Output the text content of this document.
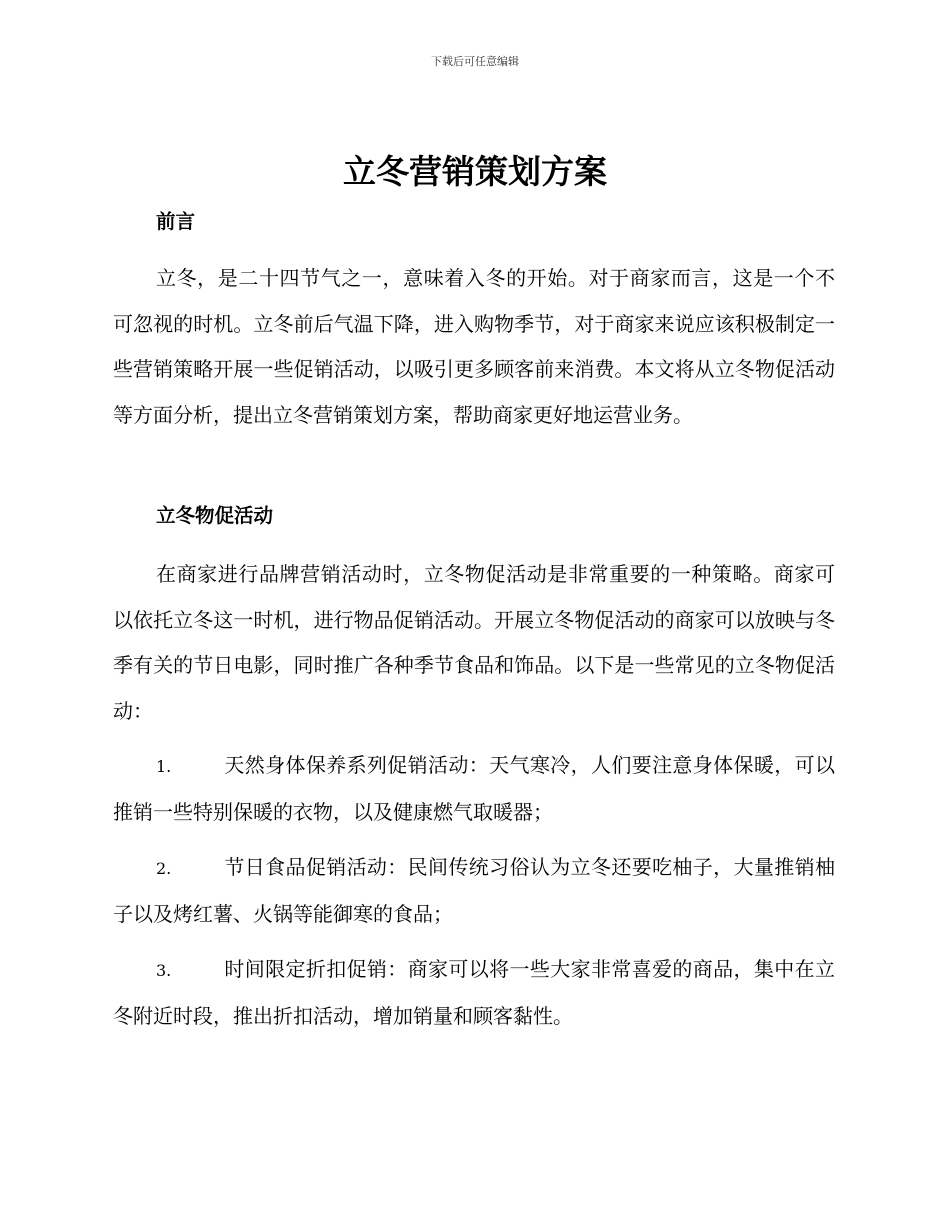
下载后可任意编辑
立冬营销策划方案
前言

立冬，是二十四节气之一，意味着入冬的开始。对于商家而言，这是一个不可忽视的时机。立冬前后气温下降，进入购物季节，对于商家来说应该积极制定一些营销策略开展一些促销活动，以吸引更多顾客前来消费。本文将从立冬物促活动等方面分析，提出立冬营销策划方案，帮助商家更好地运营业务。

立冬物促活动

在商家进行品牌营销活动时，立冬物促活动是非常重要的一种策略。商家可以依托立冬这一时机，进行物品促销活动。开展立冬物促活动的商家可以放映与冬季有关的节日电影，同时推广各种季节食品和饰品。以下是一些常见的立冬物促活动：

1.	天然身体保养系列促销活动：天气寒冷，人们要注意身体保暖，可以推销一些特别保暖的衣物，以及健康燃气取暖器；

2.	节日食品促销活动：民间传统习俗认为立冬还要吃柚子，大量推销柚子以及烤红薯、火锅等能御寒的食品；

3.	时间限定折扣促销：商家可以将一些大家非常喜爱的商品，集中在立冬附近时段，推出折扣活动，增加销量和顾客黏性。
